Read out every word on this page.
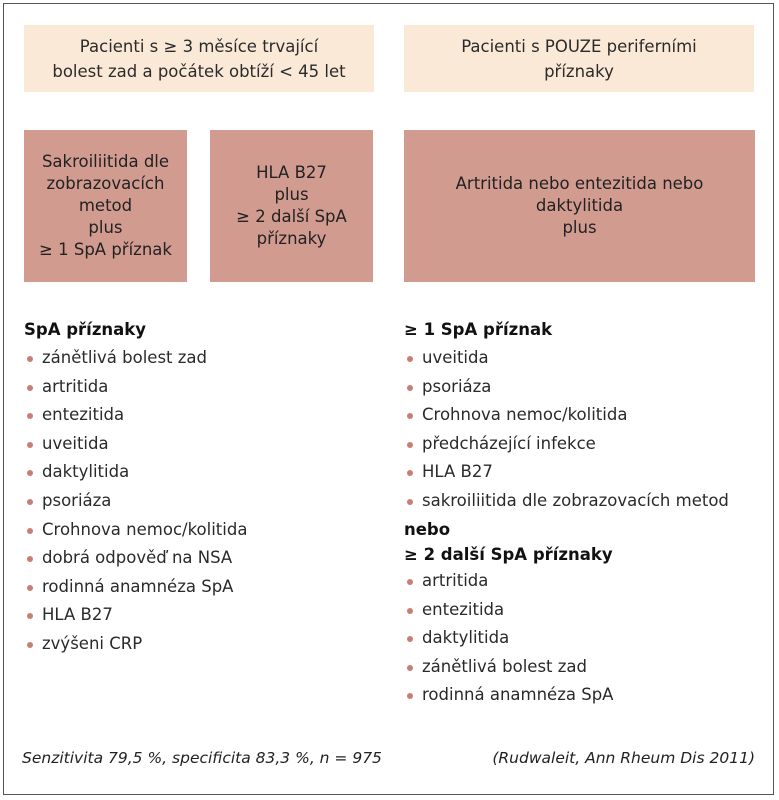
Pacienti s ≥ 3 měsíce trvající
bolest zad a počátek obtíží < 45 let
Pacienti s POUZE periferními
příznaky
Sakroiliitida dle
zobrazovacích
metod
plus
≥ 1 SpA příznak
HLA B27
plus
≥ 2 další SpA
příznaky
Artritida nebo entezitida nebo
daktylitida
plus
SpA příznaky
zánětlivá bolest zad
artritida
entezitida
uveitida
daktylitida
psoriáza
Crohnova nemoc/kolitida
dobrá odpověď na NSA
rodinná anamnéza SpA
HLA B27
zvýšeni CRP
≥ 1 SpA příznak
uveitida
psoriáza
Crohnova nemoc/kolitida
předcházející infekce
HLA B27
sakroiliitida dle zobrazovacích metod
nebo
≥ 2 další SpA příznaky
artritida
entezitida
daktylitida
zánětlivá bolest zad
rodinná anamnéza SpA
Senzitivita 79,5 %, specificita 83,3 %, n = 975	(Rudwaleit, Ann Rheum Dis 2011)
